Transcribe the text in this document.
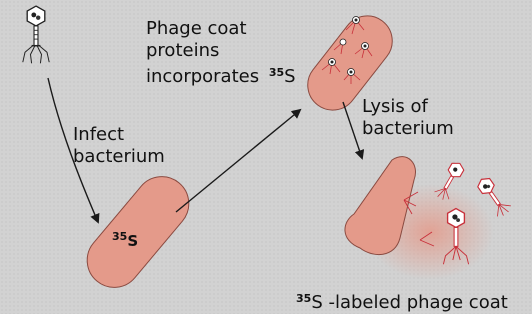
Infect
bacterium
Phage coat
proteins
incorporates $^{35}$S
Lysis of
bacterium
$^{35}$S
$^{35}$S -labeled phage coat
